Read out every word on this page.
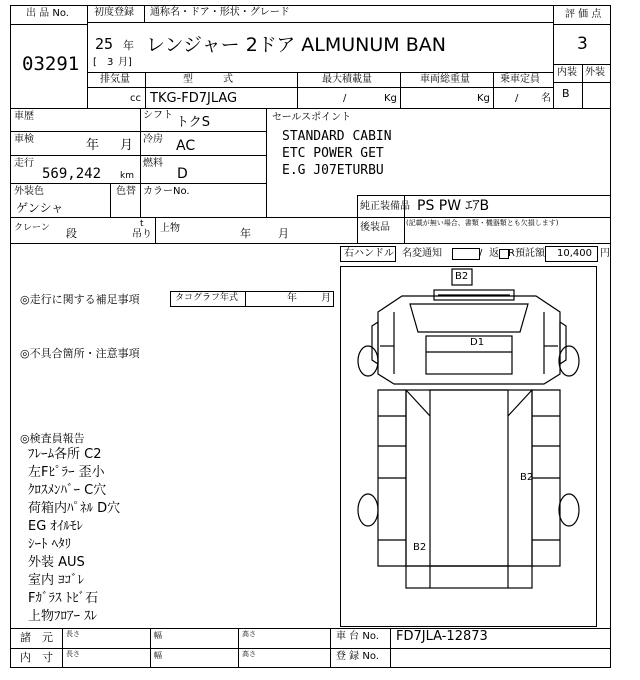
出 品 No.
03291
初度登録
25 年
[ 3 月]
通称名・ドア・形状・グレード
レンジャー 2ドア ALMUNUM BAN
評 価 点
3
内装 外装
B
排気量
cc
型　　　式
TKG-FD7JLAG
最大積載量
/	Kg
車両総重量
Kg
乗車定員
/ 名
車歴	シフト トクS
車検	年 月 冷房 AC
走行
569,242 km
燃料
D
外装色
ゲンシャ
色替 カラーNo.
クレーン 段
t
吊り
上物	年 月
セールスポイント
STANDARD CABIN
ETC POWER GET
E.G J07ETURBU
純正装備品 PS PW ｴｱB
後装品 (記載が無い場合、書類・機器類とも欠損します)
右ハンドル 名変通知	/ 返 R預託額 10,400 円
◎走行に関する補足事項	タコグラフ年式	年 月
◎不具合箇所・注意事項
◎検査員報告
ﾌﾚｰﾑ各所 C2
左Fﾋﾟﾗｰ 歪小
ｸﾛｽﾒﾝﾊﾞｰ C穴
荷箱内ﾊﾟﾈﾙ D穴
EG ｵｲﾙﾓﾚ
ｼｰﾄ ﾍﾀﾘ
外装 AUS
室内 ﾖｺﾞﾚ
Fｶﾞﾗｽ ﾄﾋﾞ石
上物ﾌﾛｱｰ ｽﾚ
B2
D1
B2
B2
諸　元 長さ	幅	高さ	車 台 No. FD7JLA-12873
内　寸 長さ	幅	高さ	登 録 No.
